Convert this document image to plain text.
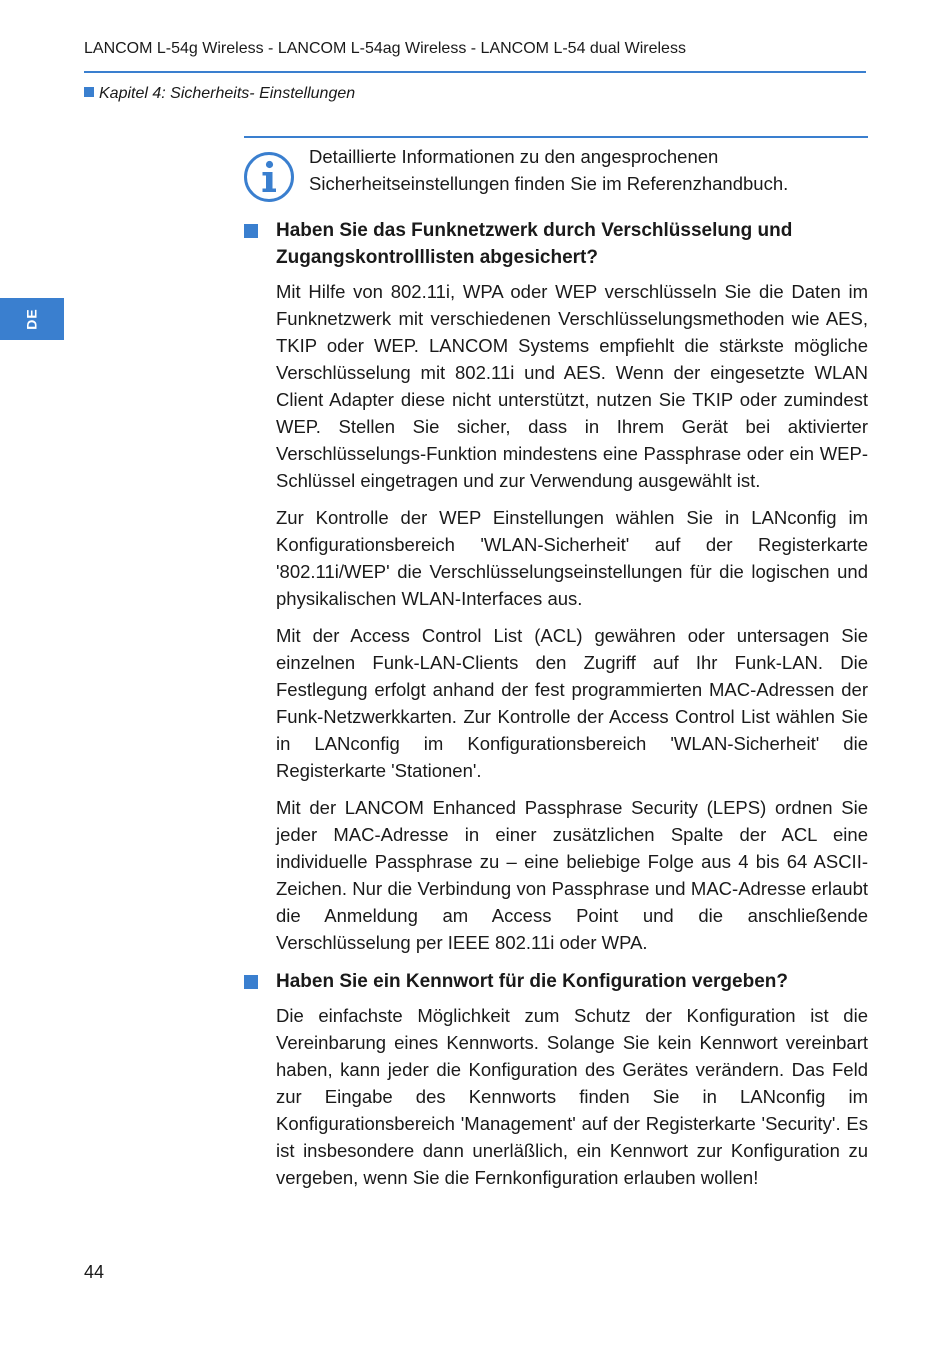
LANCOM L-54g Wireless - LANCOM L-54ag Wireless - LANCOM L-54 dual Wireless
Kapitel 4: Sicherheits- Einstellungen
DE

Detaillierte Informationen zu den angesprochenen Sicherheitseinstellungen finden Sie im Referenzhandbuch.

Haben Sie das Funknetzwerk durch Verschlüsselung und Zugangskontrolllisten abgesichert?

Mit Hilfe von 802.11i, WPA oder WEP verschlüsseln Sie die Daten im Funknetzwerk mit verschiedenen Verschlüsselungsmethoden wie AES, TKIP oder WEP. LANCOM Systems empfiehlt die stärkste mögliche Verschlüsselung mit 802.11i und AES. Wenn der eingesetzte WLAN Client Adapter diese nicht unterstützt, nutzen Sie TKIP oder zumindest WEP. Stellen Sie sicher, dass in Ihrem Gerät bei aktivierter Verschlüsselungs-Funktion mindestens eine Passphrase oder ein WEP-Schlüssel eingetragen und zur Verwendung ausgewählt ist.

Zur Kontrolle der WEP Einstellungen wählen Sie in LANconfig im Konfigurationsbereich 'WLAN-Sicherheit' auf der Registerkarte '802.11i/WEP' die Verschlüsselungseinstellungen für die logischen und physikalischen WLAN-Interfaces aus.

Mit der Access Control List (ACL) gewähren oder untersagen Sie einzelnen Funk-LAN-Clients den Zugriff auf Ihr Funk-LAN. Die Festlegung erfolgt anhand der fest programmierten MAC-Adressen der Funk-Netzwerkkarten. Zur Kontrolle der Access Control List wählen Sie in LANconfig im Konfigurationsbereich 'WLAN-Sicherheit' die Registerkarte 'Stationen'.

Mit der LANCOM Enhanced Passphrase Security (LEPS) ordnen Sie jeder MAC-Adresse in einer zusätzlichen Spalte der ACL eine individuelle Passphrase zu – eine beliebige Folge aus 4 bis 64 ASCII-Zeichen. Nur die Verbindung von Passphrase und MAC-Adresse erlaubt die Anmeldung am Access Point und die anschließende Verschlüsselung per IEEE 802.11i oder WPA.

Haben Sie ein Kennwort für die Konfiguration vergeben?

Die einfachste Möglichkeit zum Schutz der Konfiguration ist die Vereinbarung eines Kennworts. Solange Sie kein Kennwort vereinbart haben, kann jeder die Konfiguration des Gerätes verändern. Das Feld zur Eingabe des Kennworts finden Sie in LANconfig im Konfigurationsbereich 'Management' auf der Registerkarte 'Security'. Es ist insbesondere dann unerläßlich, ein Kennwort zur Konfiguration zu vergeben, wenn Sie die Fernkonfiguration erlauben wollen!

44
